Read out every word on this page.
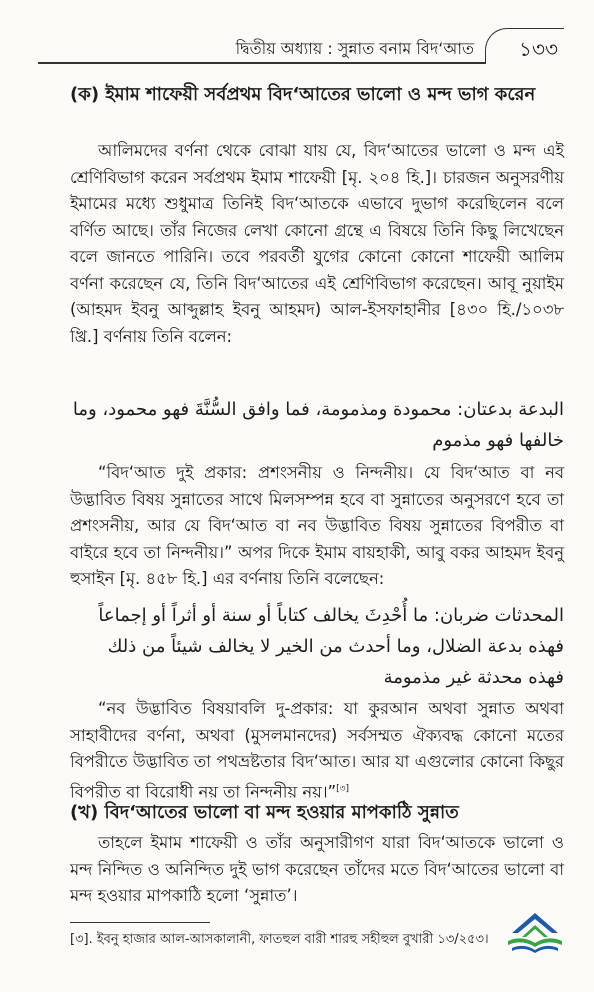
দ্বিতীয় অধ্যায় : সুন্নাত বনাম বিদ‘আত ১৩৩

(ক) ইমাম শাফেয়ী সর্বপ্রথম বিদ‘আতের ভালো ও মন্দ ভাগ করেন

আলিমদের বর্ণনা থেকে বোঝা যায় যে, বিদ‘আতের ভালো ও মন্দ এই শ্রেণিবিভাগ করেন সর্বপ্রথম ইমাম শাফেয়ী [মৃ. ২০৪ হি.]। চারজন অনুসরণীয় ইমামের মধ্যে শুধুমাত্র তিনিই বিদ‘আতকে এভাবে দুভাগ করেছিলেন বলে বর্ণিত আছে। তাঁর নিজের লেখা কোনো গ্রন্থে এ বিষয়ে তিনি কিছু লিখেছেন বলে জানতে পারিনি। তবে পরবর্তী যুগের কোনো কোনো শাফেয়ী আলিম বর্ণনা করেছেন যে, তিনি বিদ‘আতের এই শ্রেণিবিভাগ করেছেন। আবূ নুয়াইম (আহমদ ইবনু আব্দুল্লাহ ইবনু আহমদ) আল-ইসফাহানীর [৪৩০ হি./১০৩৮ খ্রি.] বর্ণনায় তিনি বলেন:

البدعة بدعتان: محمودة ومذمومة، فما وافق السُّنَّةَ فهو محمود، وما خالفها فهو مذموم

“বিদ‘আত দুই প্রকার: প্রশংসনীয় ও নিন্দনীয়। যে বিদ‘আত বা নব উদ্ভাবিত বিষয় সুন্নাতের সাথে মিলসম্পন্ন হবে বা সুন্নাতের অনুসরণে হবে তা প্রশংসনীয়, আর যে বিদ‘আত বা নব উদ্ভাবিত বিষয় সুন্নাতের বিপরীত বা বাইরে হবে তা নিন্দনীয়।” অপর দিকে ইমাম বায়হাকী, আবু বকর আহমদ ইবনু হুসাইন [মৃ. ৪৫৮ হি.] এর বর্ণনায় তিনি বলেছেন:

المحدثات ضربان: ما أُحْدِثَ يخالف كتاباً أو سنة أو أثراً أو إجماعاً فهذه بدعة الضلال، وما أحدث من الخير لا يخالف شيئاً من ذلك فهذه محدثة غير مذمومة

“নব উদ্ভাবিত বিষয়াবলি দু-প্রকার: যা কুরআন অথবা সুন্নাত অথবা সাহাবীদের বর্ণনা, অথবা (মুসলমানদের) সর্বসম্মত ঐক্যবদ্ধ কোনো মতের বিপরীতে উদ্ভাবিত তা পথভ্রষ্টতার বিদ‘আত। আর যা এগুলোর কোনো কিছুর বিপরীত বা বিরোধী নয় তা নিন্দনীয় নয়।”[৩]

(খ) বিদ‘আতের ভালো বা মন্দ হওয়ার মাপকাঠি সুন্নাত

তাহলে ইমাম শাফেয়ী ও তাঁর অনুসারীগণ যারা বিদ‘আতকে ভালো ও মন্দ নিন্দিত ও অনিন্দিত দুই ভাগ করেছেন তাঁদের মতে বিদ‘আতের ভালো বা মন্দ হওয়ার মাপকাঠি হলো ‘সুন্নাত’।

[৩]. ইবনু হাজার আল-আসকালানী, ফাতহুল বারী শারহু সহীহুল বুখারী ১৩/২৫৩।
